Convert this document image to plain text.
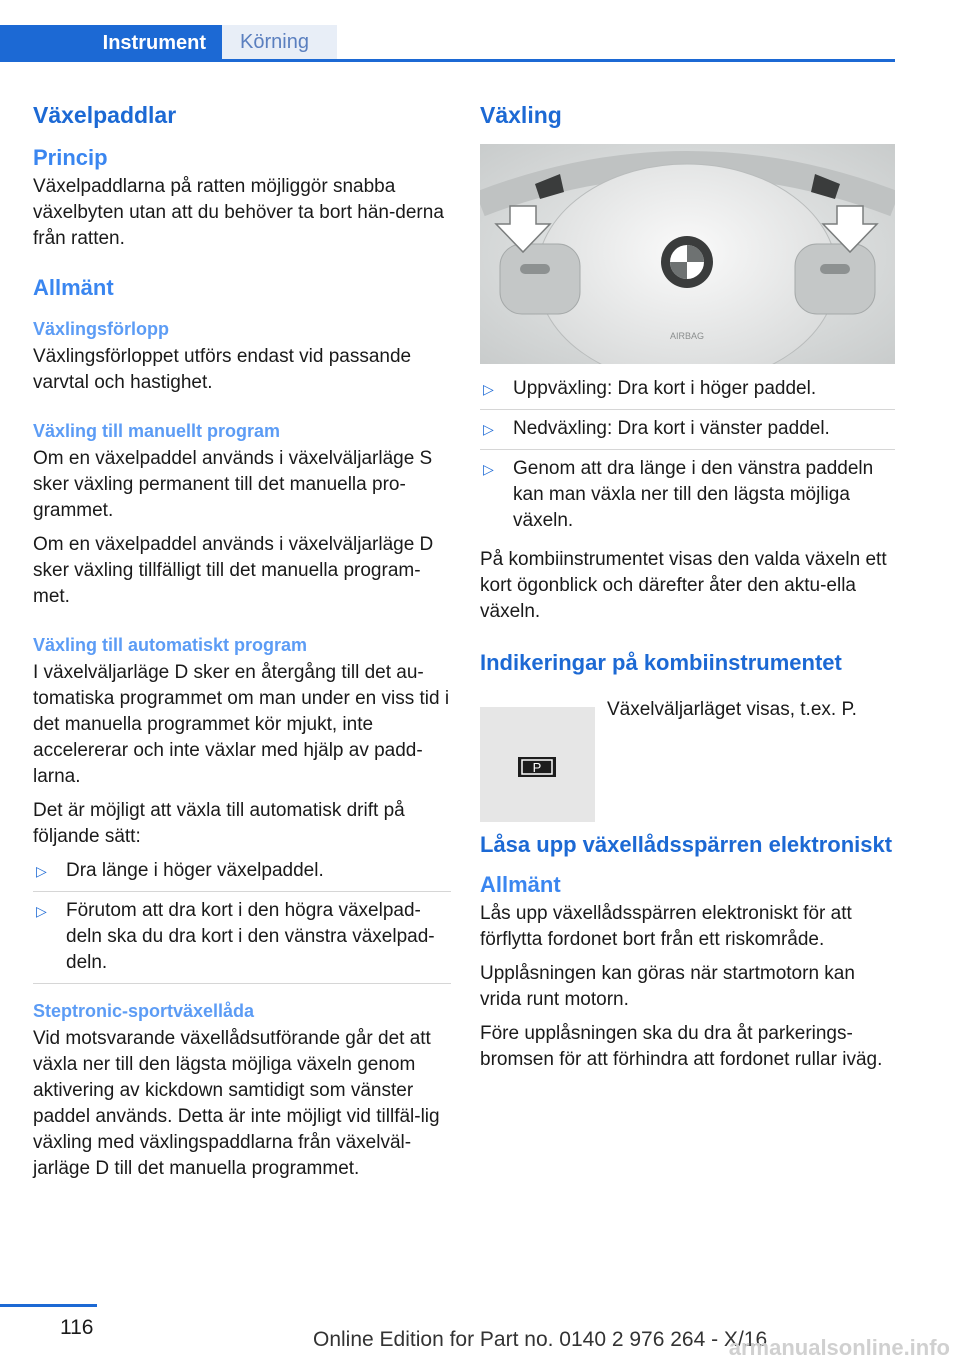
Instrument	Körning
Växelpaddlar
Princip
Växelpaddlarna på ratten möjliggör snabba växelbyten utan att du behöver ta bort hän-derna från ratten.
Allmänt
Växlingsförlopp
Växlingsförloppet utförs endast vid passande varvtal och hastighet.
Växling till manuellt program
Om en växelpaddel används i växelväljarläge S sker växling permanent till det manuella pro-grammet.
Om en växelpaddel används i växelväljarläge D sker växling tillfälligt till det manuella program-met.
Växling till automatiskt program
I växelväljarläge D sker en återgång till det au-tomatiska programmet om man under en viss tid i det manuella programmet kör mjukt, inte accelererar och inte växlar med hjälp av padd-larna.
Det är möjligt att växla till automatisk drift på följande sätt:
▷ Dra länge i höger växelpaddel.
▷ Förutom att dra kort i den högra växelpad-deln ska du dra kort i den vänstra växelpad-deln.
Steptronic-sportväxellåda
Vid motsvarande växellådsutförande går det att växla ner till den lägsta möjliga växeln genom aktivering av kickdown samtidigt som vänster paddel används. Detta är inte möjligt vid tillfäl-lig växling med växlingspaddlarna från växelväl-jarläge D till det manuella programmet.
Växling
AIRBAG
▷ Uppväxling: Dra kort i höger paddel.
▷ Nedväxling: Dra kort i vänster paddel.
▷ Genom att dra länge i den vänstra paddeln kan man växla ner till den lägsta möjliga växeln.
På kombiinstrumentet visas den valda växeln ett kort ögonblick och därefter åter den aktu-ella växeln.
Indikeringar på kombiinstrumentet
P
Växelväljarläget visas, t.ex. P.
Låsa upp växellådsspärren elektroniskt
Allmänt
Lås upp växellådsspärren elektroniskt för att förflytta fordonet bort från ett riskområde.
Upplåsningen kan göras när startmotorn kan vrida runt motorn.
Före upplåsningen ska du dra åt parkerings-bromsen för att förhindra att fordonet rullar iväg.
116
Online Edition for Part no. 0140 2 976 264 - X/16
armanualsonline.info
